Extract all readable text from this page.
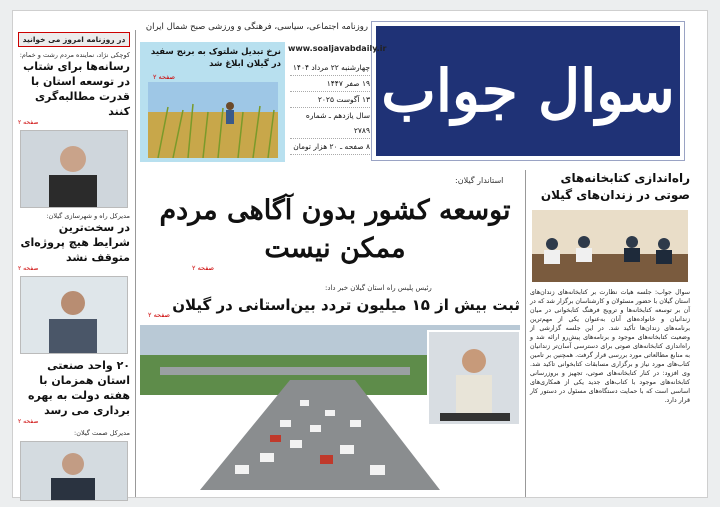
سوال جواب
روزنامه اجتماعی، سیاسی، فرهنگی و ورزشی صبح شمال ایران
www.soaljavabdaily.ir
چهارشنبه ۲۲ مرداد ۱۴۰۴
۱۹ صفر ۱۴۴۷
۱۳ آگوست ۲۰۲۵
سال یازدهم ـ شماره ۲۷۸۹
۸ صفحه ـ ۲۰ هزار تومان
نرخ تبدیل شلتوک به برنج سفید در گیلان ابلاغ شد
صفحه ۲
استاندار گیلان:
توسعه کشور بدون آگاهی مردم ممکن نیست
صفحه ۲
رئیس پلیس راه استان گیلان خبر داد:
ثبت بیش از ۱۵ میلیون تردد بین‌استانی در گیلان
صفحه ۲
راه‌اندازی کتابخانه‌های صوتی در زندان‌های گیلان
سوال جواب: جلسه هیات نظارت بر کتابخانه‌های زندان‌های استان گیلان با حضور مسئولان و کارشناسان برگزار شد که در آن بر توسعه کتابخانه‌ها و ترویج فرهنگ کتابخوانی در میان زندانیان و خانواده‌های آنان به‌عنوان یکی از مهم‌ترین برنامه‌های زندان‌ها تأکید شد. در این جلسه گزارشی از وضعیت کتابخانه‌های موجود و برنامه‌های پیش‌رو ارائه شد و راه‌اندازی کتابخانه‌های صوتی برای دسترسی آسان‌تر زندانیان به منابع مطالعاتی مورد بررسی قرار گرفت. همچنین بر تامین کتاب‌های مورد نیاز و برگزاری مسابقات کتابخوانی تاکید شد. وی افزود: در کنار کتابخانه‌های صوتی، تجهیز و بروزرسانی کتابخانه‌های موجود با کتاب‌های جدید یکی از همکاری‌های اساسی است که با حمایت دستگاه‌های مسئول در دستور کار قرار دارد.
در روزنامه امروز می خوانید
کوچکی نژاد، نماینده مردم رشت و خمام:
رسانه‌ها برای شتاب در توسعه استان با قدرت مطالبه‌گری کنند
صفحه ۲
مدیرکل راه و شهرسازی گیلان:
در سخت‌ترین شرایط هیچ پروژه‌ای متوقف نشد
صفحه ۲
۲۰ واحد صنعتی استان همزمان با هفته دولت به بهره برداری می رسد
صفحه ۲
مدیرکل صمت گیلان:
